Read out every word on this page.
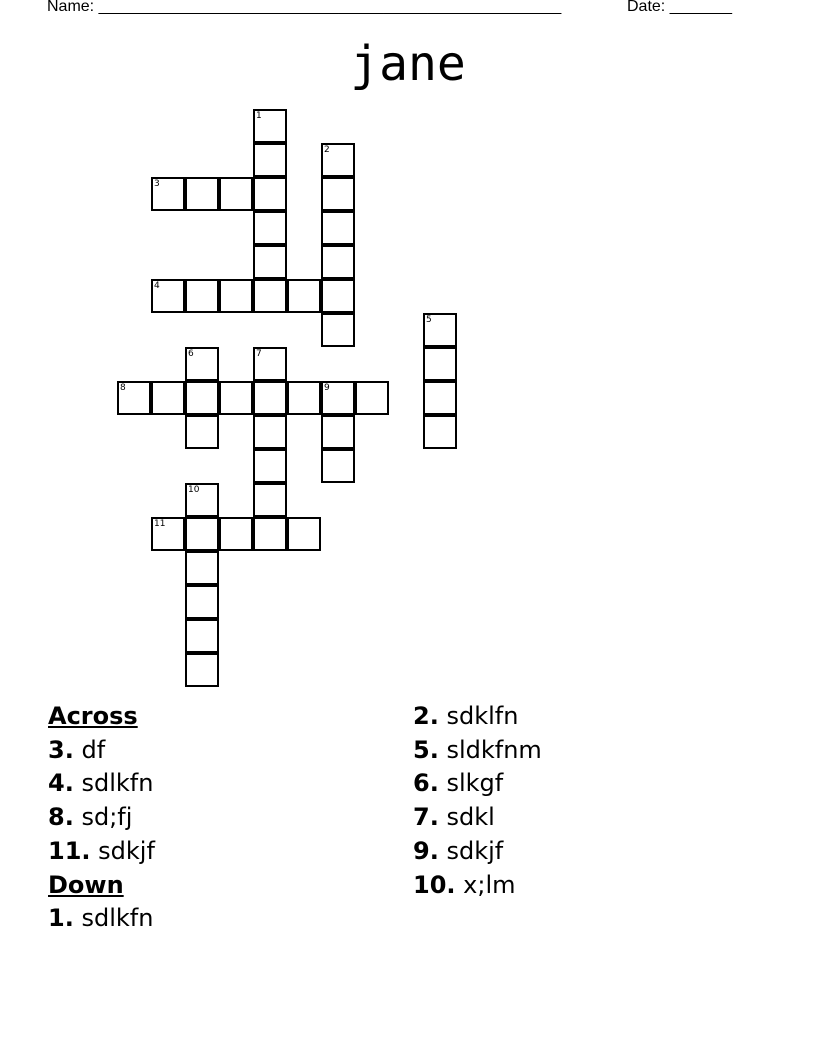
Name: ____________________________________________________	Date: _______
jane
1
2
3
4
5
6	7
8	9
10
11
Across
3. df
4. sdlkfn
8. sd;fj
11. sdkjf
Down
1. sdlkfn
2. sdklfn
5. sldkfnm
6. slkgf
7. sdkl
9. sdkjf
10. x;lm
